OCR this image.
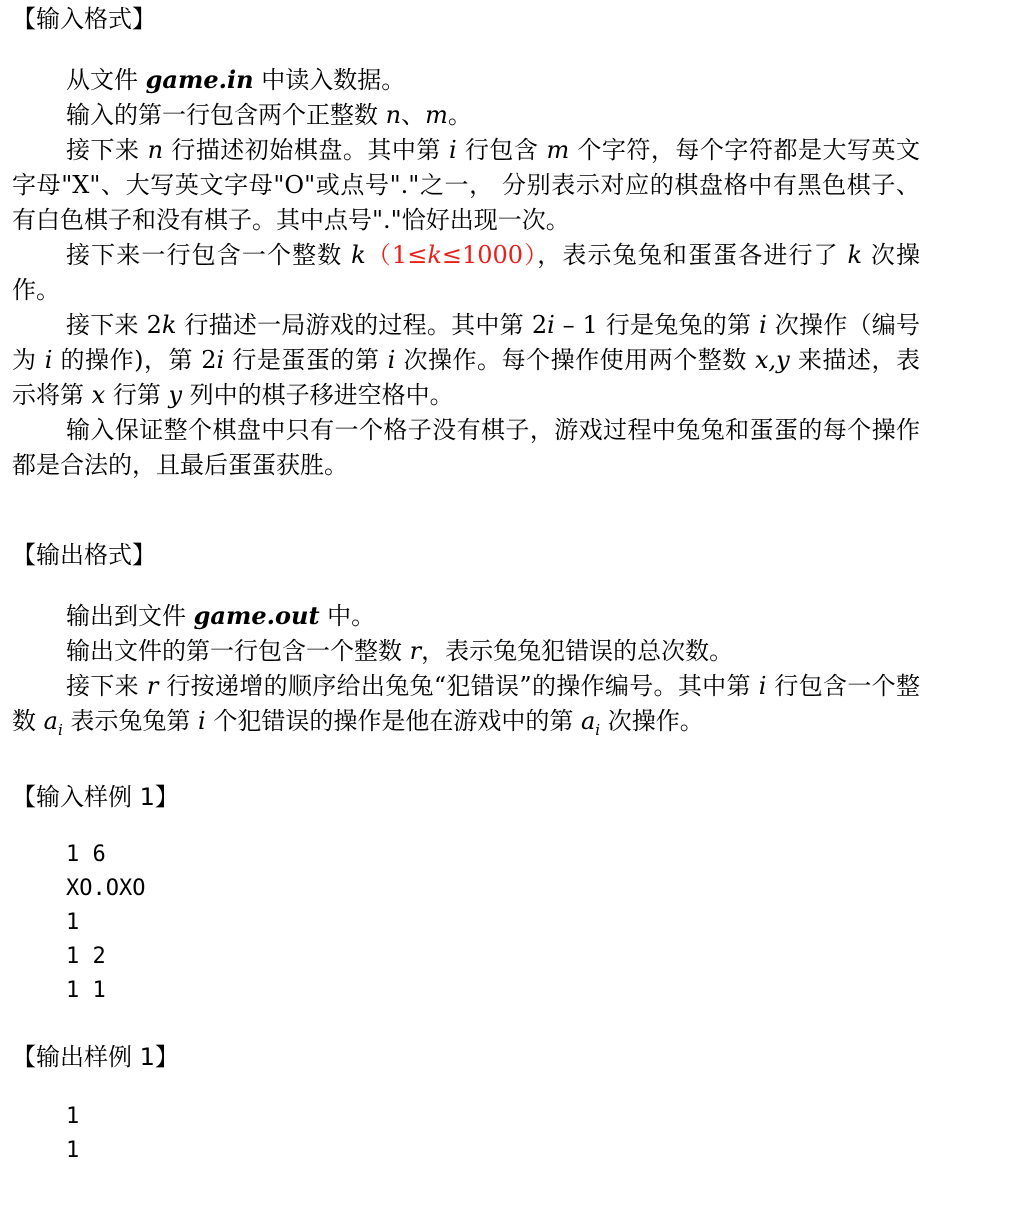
【输入格式】

从文件 game.in 中读入数据。

输入的第一行包含两个正整数 n、m。

接下来 n 行描述初始棋盘。其中第 i 行包含 m 个字符，每个字符都是大写英文字母"X"、大写英文字母"O"或点号"."之一， 分别表示对应的棋盘格中有黑色棋子、有白色棋子和没有棋子。其中点号"."恰好出现一次。

接下来一行包含一个整数 k（1≤k≤1000），表示兔兔和蛋蛋各进行了 k 次操作。

接下来 2k 行描述一局游戏的过程。其中第 2i – 1 行是兔兔的第 i 次操作（编号为 i 的操作)，第 2i 行是蛋蛋的第 i 次操作。每个操作使用两个整数 x,y 来描述，表示将第 x 行第 y 列中的棋子移进空格中。

输入保证整个棋盘中只有一个格子没有棋子，游戏过程中兔兔和蛋蛋的每个操作都是合法的，且最后蛋蛋获胜。

【输出格式】

输出到文件 game.out 中。

输出文件的第一行包含一个整数 r，表示兔兔犯错误的总次数。

接下来 r 行按递增的顺序给出兔兔“犯错误”的操作编号。其中第 i 行包含一个整数 $a_i$ 表示兔兔第 i 个犯错误的操作是他在游戏中的第 $a_i$ 次操作。

【输入样例 1】
1 6
XO.OXO
1
1 2
1 1
【输出样例 1】
1
1
